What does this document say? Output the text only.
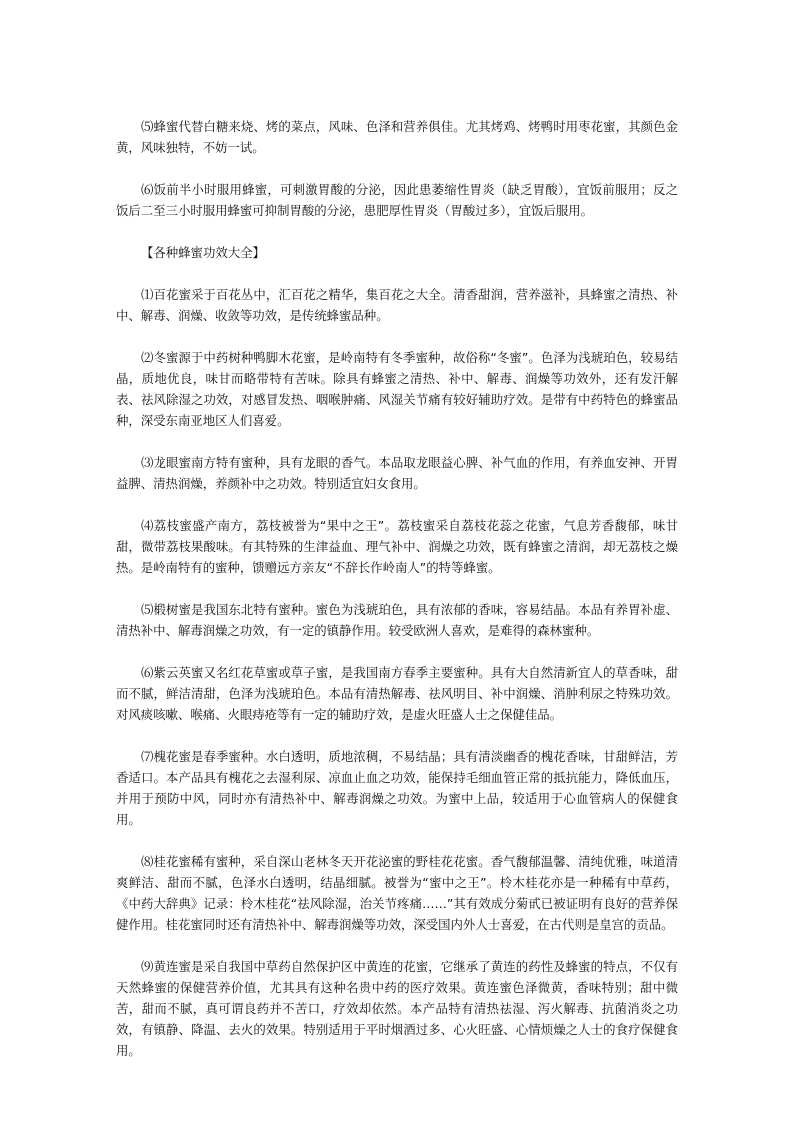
⑸蜂蜜代替白糖来烧、烤的菜点，风味、色泽和营养俱佳。尤其烤鸡、烤鸭时用枣花蜜，其颜色金黄，风味独特，不妨一试。

⑹饭前半小时服用蜂蜜，可刺激胃酸的分泌，因此患萎缩性胃炎（缺乏胃酸），宜饭前服用；反之饭后二至三小时服用蜂蜜可抑制胃酸的分泌，患肥厚性胃炎（胃酸过多），宜饭后服用。

【各种蜂蜜功效大全】

⑴百花蜜采于百花丛中，汇百花之精华，集百花之大全。清香甜润，营养滋补，具蜂蜜之清热、补中、解毒、润燥、收敛等功效，是传统蜂蜜品种。

⑵冬蜜源于中药树种鸭脚木花蜜，是岭南特有冬季蜜种，故俗称“冬蜜”。色泽为浅琥珀色，较易结晶，质地优良，味甘而略带特有苦味。除具有蜂蜜之清热、补中、解毒、润燥等功效外，还有发汗解表、祛风除湿之功效，对感冒发热、咽喉肿痛、风湿关节痛有较好辅助疗效。是带有中药特色的蜂蜜品种，深受东南亚地区人们喜爱。

⑶龙眼蜜南方特有蜜种，具有龙眼的香气。本品取龙眼益心脾、补气血的作用，有养血安神、开胃益脾、清热润燥，养颜补中之功效。特别适宜妇女食用。

⑷荔枝蜜盛产南方，荔枝被誉为“果中之王”。荔枝蜜采自荔枝花蕊之花蜜，气息芳香馥郁，味甘甜，微带荔枝果酸味。有其特殊的生津益血、理气补中、润燥之功效，既有蜂蜜之清润，却无荔枝之燥热。是岭南特有的蜜种，馈赠远方亲友“不辞长作岭南人”的特等蜂蜜。

⑸椴树蜜是我国东北特有蜜种。蜜色为浅琥珀色，具有浓郁的香味，容易结晶。本品有养胃补虚、清热补中、解毒润燥之功效，有一定的镇静作用。较受欧洲人喜欢，是难得的森林蜜种。

⑹紫云英蜜又名红花草蜜或草子蜜，是我国南方春季主要蜜种。具有大自然清新宜人的草香味，甜而不腻，鲜洁清甜，色泽为浅琥珀色。本品有清热解毒、祛风明目、补中润燥、消肿利尿之特殊功效。对风痰咳嗽、喉痛、火眼痔疮等有一定的辅助疗效，是虚火旺盛人士之保健佳品。

⑺槐花蜜是春季蜜种。水白透明，质地浓稠，不易结晶；具有清淡幽香的槐花香味，甘甜鲜洁，芳香适口。本产品具有槐花之去湿利尿、凉血止血之功效，能保持毛细血管正常的抵抗能力，降低血压，并用于预防中风，同时亦有清热补中、解毒润燥之功效。为蜜中上品，较适用于心血管病人的保健食用。

⑻桂花蜜稀有蜜种，采自深山老林冬天开花泌蜜的野桂花花蜜。香气馥郁温馨、清纯优雅，味道清爽鲜洁、甜而不腻，色泽水白透明，结晶细腻。被誉为“蜜中之王”。柃木桂花亦是一种稀有中草药，《中药大辞典》记录：柃木桂花“祛风除湿，治关节疼痛……”其有效成分菊甙已被证明有良好的营养保健作用。桂花蜜同时还有清热补中、解毒润燥等功效，深受国内外人士喜爱，在古代则是皇宫的贡品。

⑼黄连蜜是采自我国中草药自然保护区中黄连的花蜜，它继承了黄连的药性及蜂蜜的特点，不仅有天然蜂蜜的保健营养价值，尤其具有这种名贵中药的医疗效果。黄连蜜色泽微黄，香味特别；甜中微苦，甜而不腻，真可谓良药并不苦口，疗效却依然。本产品特有清热祛湿、泻火解毒、抗菌消炎之功效，有镇静、降温、去火的效果。特别适用于平时烟酒过多、心火旺盛、心情烦燥之人士的食疗保健食用。
